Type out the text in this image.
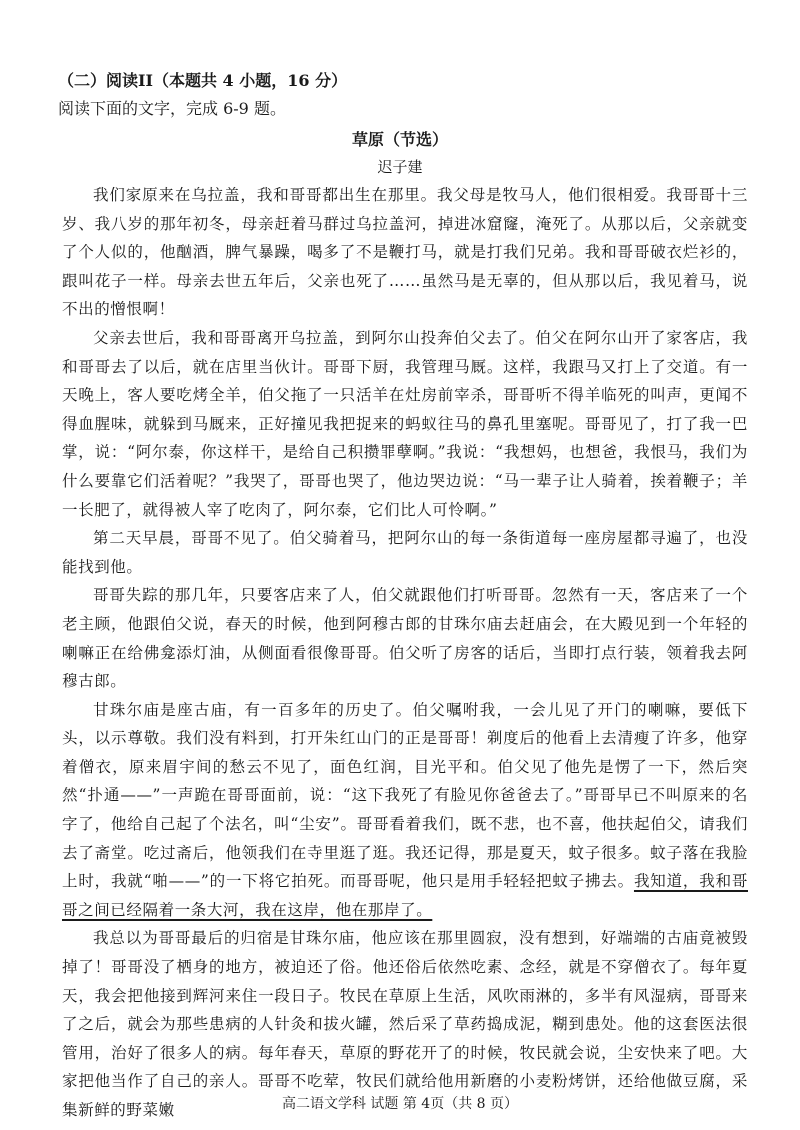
（二）阅读II（本题共 4 小题，16 分）
阅读下面的文字，完成 6-9 题。
草原（节选）
迟子建

我们家原来在乌拉盖，我和哥哥都出生在那里。我父母是牧马人，他们很相爱。我哥哥十三岁、我八岁的那年初冬，母亲赶着马群过乌拉盖河，掉进冰窟窿，淹死了。从那以后，父亲就变了个人似的，他酗酒，脾气暴躁，喝多了不是鞭打马，就是打我们兄弟。我和哥哥破衣烂衫的，跟叫花子一样。母亲去世五年后，父亲也死了……虽然马是无辜的，但从那以后，我见着马，说不出的憎恨啊！

父亲去世后，我和哥哥离开乌拉盖，到阿尔山投奔伯父去了。伯父在阿尔山开了家客店，我和哥哥去了以后，就在店里当伙计。哥哥下厨，我管理马厩。这样，我跟马又打上了交道。有一天晚上，客人要吃烤全羊，伯父拖了一只活羊在灶房前宰杀，哥哥听不得羊临死的叫声，更闻不得血腥味，就躲到马厩来，正好撞见我把捉来的蚂蚁往马的鼻孔里塞呢。哥哥见了，打了我一巴掌，说：“阿尔泰，你这样干，是给自己积攒罪孽啊。”我说：“我想妈，也想爸，我恨马，我们为什么要靠它们活着呢？”我哭了，哥哥也哭了，他边哭边说：“马一辈子让人骑着，挨着鞭子；羊一长肥了，就得被人宰了吃肉了，阿尔泰，它们比人可怜啊。”

第二天早晨，哥哥不见了。伯父骑着马，把阿尔山的每一条街道每一座房屋都寻遍了，也没能找到他。

哥哥失踪的那几年，只要客店来了人，伯父就跟他们打听哥哥。忽然有一天，客店来了一个老主顾，他跟伯父说，春天的时候，他到阿穆古郎的甘珠尔庙去赶庙会，在大殿见到一个年轻的喇嘛正在给佛龛添灯油，从侧面看很像哥哥。伯父听了房客的话后，当即打点行装，领着我去阿穆古郎。

甘珠尔庙是座古庙，有一百多年的历史了。伯父嘱咐我，一会儿见了开门的喇嘛，要低下头，以示尊敬。我们没有料到，打开朱红山门的正是哥哥！剃度后的他看上去清瘦了许多，他穿着僧衣，原来眉宇间的愁云不见了，面色红润，目光平和。伯父见了他先是愣了一下，然后突然“扑通——”一声跪在哥哥面前，说：“这下我死了有脸见你爸爸去了。”哥哥早已不叫原来的名字了，他给自己起了个法名，叫“尘安”。哥哥看着我们，既不悲，也不喜，他扶起伯父，请我们去了斋堂。吃过斋后，他领我们在寺里逛了逛。我还记得，那是夏天，蚊子很多。蚊子落在我脸上时，我就“啪——”的一下将它拍死。而哥哥呢，他只是用手轻轻把蚊子拂去。我知道，我和哥哥之间已经隔着一条大河，我在这岸，他在那岸了。

我总以为哥哥最后的归宿是甘珠尔庙，他应该在那里圆寂，没有想到，好端端的古庙竟被毁掉了！哥哥没了栖身的地方，被迫还了俗。他还俗后依然吃素、念经，就是不穿僧衣了。每年夏天，我会把他接到辉河来住一段日子。牧民在草原上生活，风吹雨淋的，多半有风湿病，哥哥来了之后，就会为那些患病的人针灸和拔火罐，然后采了草药捣成泥，糊到患处。他的这套医法很管用，治好了很多人的病。每年春天，草原的野花开了的时候，牧民就会说，尘安快来了吧。大家把他当作了自己的亲人。哥哥不吃荤，牧民们就给他用新磨的小麦粉烤饼，还给他做豆腐，采集新鲜的野菜嫩	高二语文学科 试题 第 4页（共 8 页）
